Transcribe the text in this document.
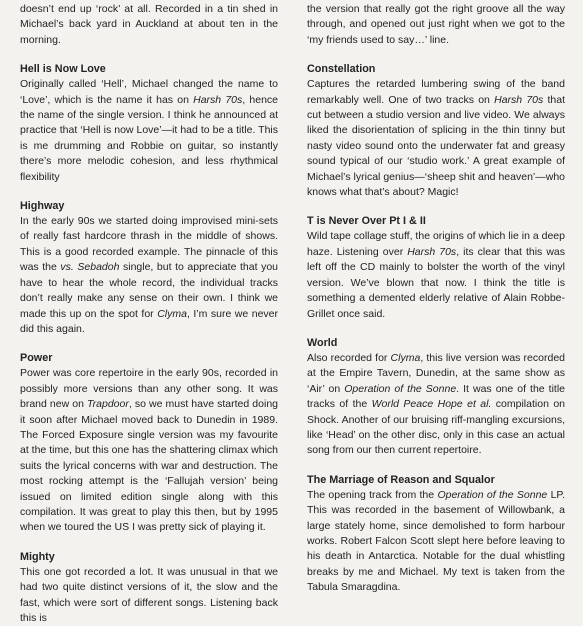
doesn’t end up ‘rock’ at all. Recorded in a tin shed in Michael’s back yard in Auckland at about ten in the morning.

Hell is Now Love

Originally called ‘Hell’, Michael changed the name to ‘Love’, which is the name it has on Harsh 70s, hence the name of the single version. I think he announced at practice that ‘Hell is now Love’—it had to be a title. This is me drumming and Robbie on guitar, so instantly there’s more melodic cohesion, and less rhythmical flexibility

Highway

In the early 90s we started doing improvised mini-sets of really fast hardcore thrash in the middle of shows. This is a good recorded example. The pinnacle of this was the vs. Sebadoh single, but to appreciate that you have to hear the whole record, the individual tracks don’t really make any sense on their own. I think we made this up on the spot for Clyma, I’m sure we never did this again.

Power

Power was core repertoire in the early 90s, recorded in possibly more versions than any other song. It was brand new on Trapdoor, so we must have started doing it soon after Michael moved back to Dunedin in 1989. The Forced Exposure single version was my favourite at the time, but this one has the shattering climax which suits the lyrical concerns with war and destruction. The most rocking attempt is the ‘Fallujah version’ being issued on limited edition single along with this compilation. It was great to play this then, but by 1995 when we toured the US I was pretty sick of playing it.

Mighty

This one got recorded a lot. It was unusual in that we had two quite distinct versions of it, the slow and the fast, which were sort of different songs. Listening back this is

the version that really got the right groove all the way through, and opened out just right when we got to the ‘my friends used to say…’ line.

Constellation

Captures the retarded lumbering swing of the band remarkably well. One of two tracks on Harsh 70s that cut between a studio version and live video. We always liked the disorientation of splicing in the thin tinny but nasty video sound onto the underwater fat and greasy sound typical of our ‘studio work.’ A great example of Michael’s lyrical genius—‘sheep shit and heaven’—who knows what that’s about? Magic!

T is Never Over Pt I & II

Wild tape collage stuff, the origins of which lie in a deep haze. Listening over Harsh 70s, its clear that this was left off the CD mainly to bolster the worth of the vinyl version. We’ve blown that now. I think the title is something a demented elderly relative of Alain Robbe-Grillet once said.

World

Also recorded for Clyma, this live version was recorded at the Empire Tavern, Dunedin, at the same show as ‘Air’ on Operation of the Sonne. It was one of the title tracks of the World Peace Hope et al. compilation on Shock. Another of our bruising riff-mangling excursions, like ‘Head’ on the other disc, only in this case an actual song from our then current repertoire.

The Marriage of Reason and Squalor

The opening track from the Operation of the Sonne LP. This was recorded in the basement of Willowbank, a large stately home, since demolished to form harbour works. Robert Falcon Scott slept here before leaving to his death in Antarctica. Notable for the dual whistling breaks by me and Michael. My text is taken from the Tabula Smaragdina.
